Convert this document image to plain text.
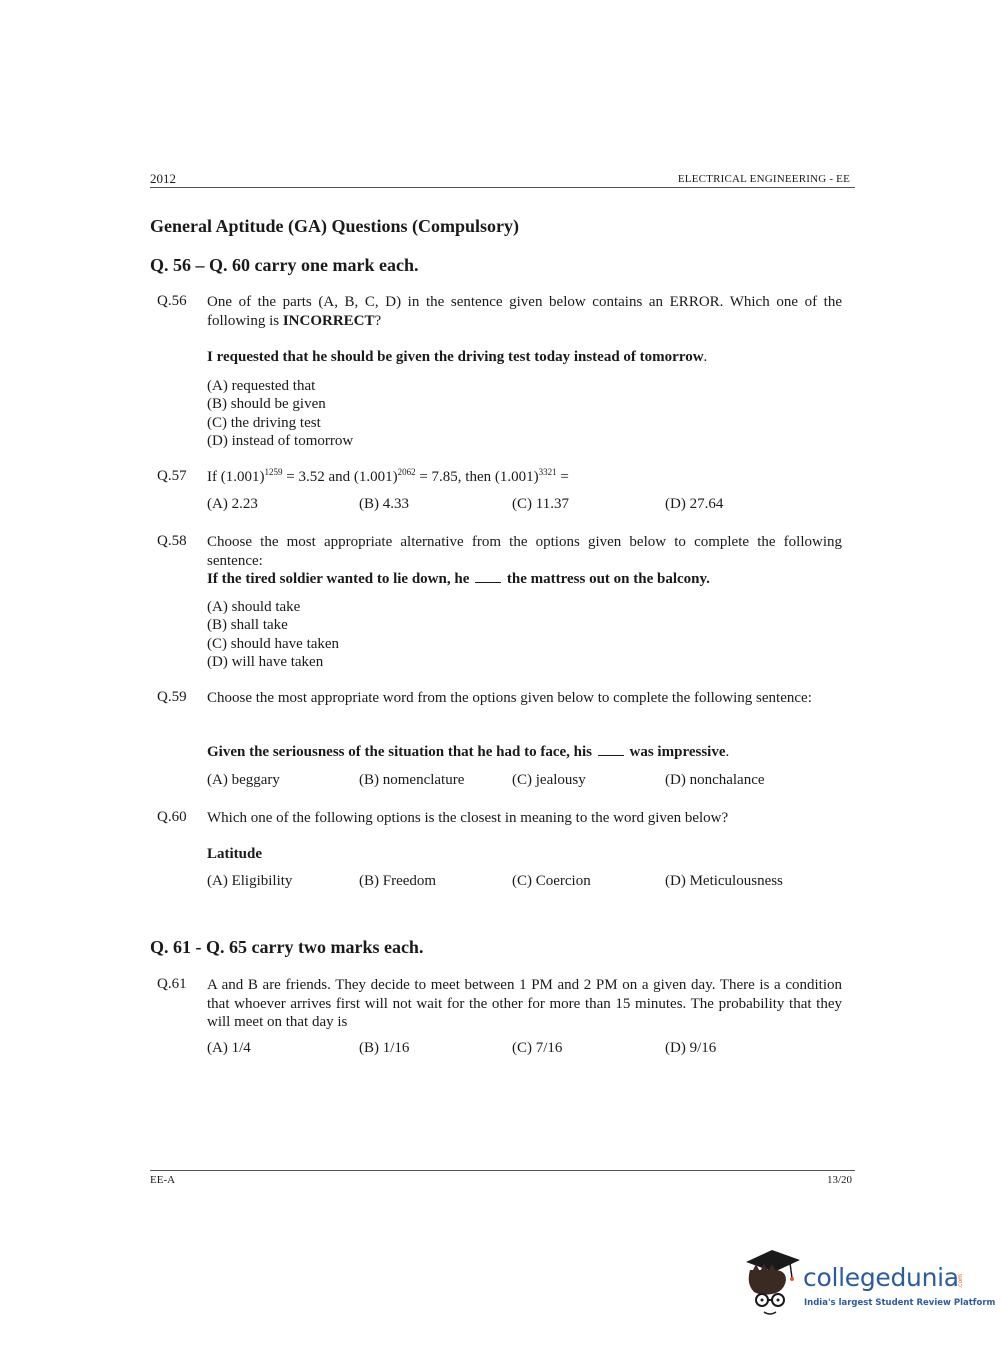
2012	ELECTRICAL ENGINEERING - EE
General Aptitude (GA) Questions (Compulsory)
Q. 56 – Q. 60 carry one mark each.
Q.56 One of the parts (A, B, C, D) in the sentence given below contains an ERROR. Which one of the following is INCORRECT?
I requested that he should be given the driving test today instead of tomorrow.
(A) requested that
(B) should be given
(C) the driving test
(D) instead of tomorrow
Q.57 If $(1.001)^{1259} = 3.52$ and $(1.001)^{2062} = 7.85$, then $(1.001)^{3321}$ =
(A) 2.23	(B) 4.33	(C) 11.37	(D) 27.64
Q.58 Choose the most appropriate alternative from the options given below to complete the following sentence:
If the tired soldier wanted to lie down, he	the mattress out on the balcony.
(A) should take
(B) shall take
(C) should have taken
(D) will have taken
Q.59 Choose the most appropriate word from the options given below to complete the following sentence:
Given the seriousness of the situation that he had to face, his	was impressive.
(A) beggary	(B) nomenclature	(C) jealousy	(D) nonchalance
Q.60 Which one of the following options is the closest in meaning to the word given below?
Latitude
(A) Eligibility	(B) Freedom	(C) Coercion	(D) Meticulousness
Q. 61 - Q. 65 carry two marks each.
Q.61 A and B are friends. They decide to meet between 1 PM and 2 PM on a given day. There is a condition that whoever arrives first will not wait for the other for more than 15 minutes. The probability that they will meet on that day is
(A) 1/4	(B) 1/16	(C) 7/16	(D) 9/16
EE-A	13/20
collegedunia
.com
India's largest Student Review Platform
